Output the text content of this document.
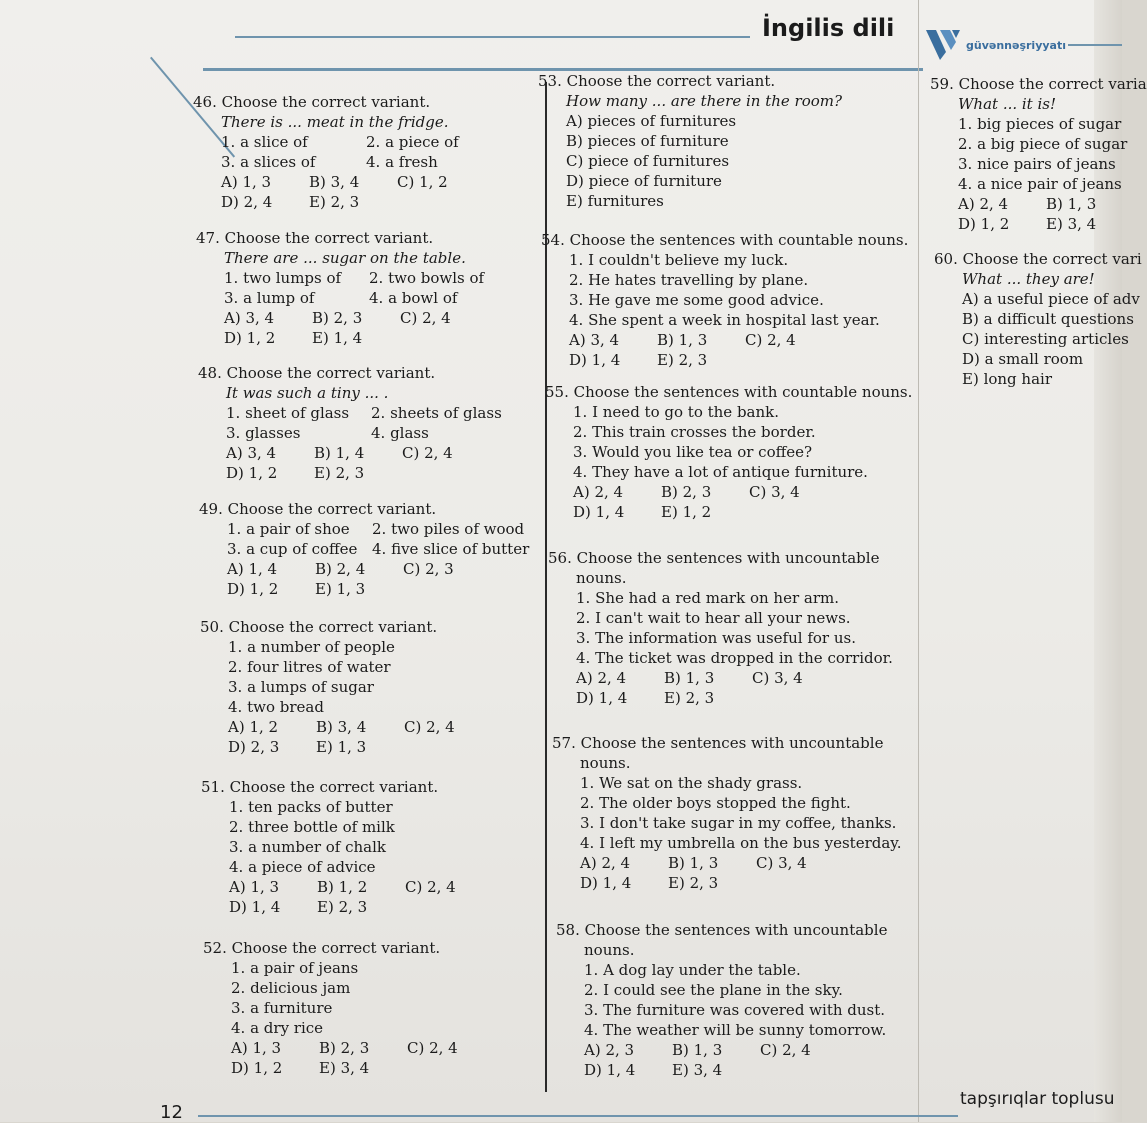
İngilis dili
güvənnəşriyyatı
46. Choose the correct variant.
There is ... meat in the fridge.
1. a slice of	2. a piece of
3. a slices of	4. a fresh
A) 1, 3	B) 3, 4	C) 1, 2
D) 2, 4 E) 2, 3
47. Choose the correct variant.
There are ... sugar on the table.
1. two lumps of 2. two bowls of
3. a lump of	4. a bowl of
A) 3, 4	B) 2, 3	C) 2, 4
D) 1, 2 E) 1, 4
48. Choose the correct variant.
It was such a tiny ... .
1. sheet of glass 2. sheets of glass
3. glasses	4. glass
A) 3, 4	B) 1, 4	C) 2, 4
D) 1, 2 E) 2, 3
49. Choose the correct variant.
1. a pair of shoe 2. two piles of wood
3. a cup of coffee 4. five slice of butter
A) 1, 4	B) 2, 4	C) 2, 3
D) 1, 2 E) 1, 3
50. Choose the correct variant.
1. a number of people
2. four litres of water
3. a lumps of sugar
4. two bread
A) 1, 2	B) 3, 4	C) 2, 4
D) 2, 3 E) 1, 3
51. Choose the correct variant.
1. ten packs of butter
2. three bottle of milk
3. a number of chalk
4. a piece of advice
A) 1, 3	B) 1, 2	C) 2, 4
D) 1, 4 E) 2, 3
52. Choose the correct variant.
1. a pair of jeans
2. delicious jam
3. a furniture
4. a dry rice
A) 1, 3	B) 2, 3	C) 2, 4
D) 1, 2 E) 3, 4
53. Choose the correct variant.
How many ... are there in the room?
A) pieces of furnitures
B) pieces of furniture
C) piece of furnitures
D) piece of furniture
E) furnitures
54. Choose the sentences with countable nouns.
1. I couldn't believe my luck.
2. He hates travelling by plane.
3. He gave me some good advice.
4. She spent a week in hospital last year.
A) 3, 4	B) 1, 3	C) 2, 4
D) 1, 4 E) 2, 3
55. Choose the sentences with countable nouns.
1. I need to go to the bank.
2. This train crosses the border.
3. Would you like tea or coffee?
4. They have a lot of antique furniture.
A) 2, 4	B) 2, 3	C) 3, 4
D) 1, 4 E) 1, 2
56. Choose the sentences with uncountable
nouns.
1. She had a red mark on her arm.
2. I can't wait to hear all your news.
3. The information was useful for us.
4. The ticket was dropped in the corridor.
A) 2, 4	B) 1, 3	C) 3, 4
D) 1, 4 E) 2, 3
57. Choose the sentences with uncountable
nouns.
1. We sat on the shady grass.
2. The older boys stopped the fight.
3. I don't take sugar in my coffee, thanks.
4. I left my umbrella on the bus yesterday.
A) 2, 4	B) 1, 3	C) 3, 4
D) 1, 4 E) 2, 3
58. Choose the sentences with uncountable
nouns.
1. A dog lay under the table.
2. I could see the plane in the sky.
3. The furniture was covered with dust.
4. The weather will be sunny tomorrow.
A) 2, 3	B) 1, 3	C) 2, 4
D) 1, 4 E) 3, 4
59. Choose the correct varia
What ... it is!
1. big pieces of sugar
2. a big piece of sugar
3. nice pairs of jeans
4. a nice pair of jeans
A) 2, 4	B) 1, 3
D) 1, 2 E) 3, 4
60. Choose the correct vari
What ... they are!
A) a useful piece of adv
B) a difficult questions
C) interesting articles
D) a small room
E) long hair
12
tapşırıqlar toplusu
